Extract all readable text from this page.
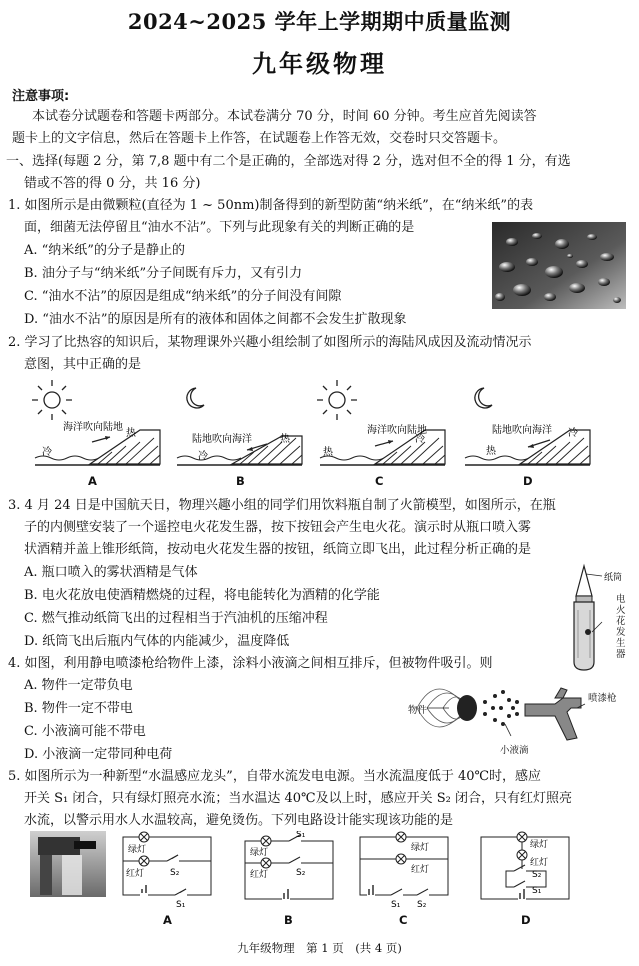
2024~2025 学年上学期期中质量监测
九年级物理
注意事项:
本试卷分试题卷和答题卡两部分。本试卷满分 70 分，时间 60 分钟。考生应首先阅读答
题卡上的文字信息，然后在答题卡上作答，在试题卷上作答无效，交卷时只交答题卡。
一、选择(每题 2 分，第 7,8 题中有二个是正确的，全部选对得 2 分，选对但不全的得 1 分，有选
错或不答的得 0 分，共 16 分)
1. 如图所示是由微颗粒(直径为 1 ~ 50nm)制备得到的新型防菌“纳米纸”，在“纳米纸”的表
面，细菌无法停留且“油水不沾”。下列与此现象有关的判断正确的是
A. “纳米纸”的分子是静止的
B. 油分子与“纳米纸”分子间既有斥力，又有引力
C. “油水不沾”的原因是组成“纳米纸”的分子间没有间隙
D. “油水不沾”的原因是所有的液体和固体之间都不会发生扩散现象
2. 学习了比热容的知识后，某物理课外兴趣小组绘制了如图所示的海陆风成因及流动情况示
意图，其中正确的是
海洋吹向陆地
冷
热
A
陆地吹向海洋
冷
热
B
海洋吹向陆地
热
冷
C
陆地吹向海洋
热
冷
D
3. 4 月 24 日是中国航天日，物理兴趣小组的同学们用饮料瓶自制了火箭模型，如图所示，在瓶
子的内侧壁安装了一个遥控电火花发生器，按下按钮会产生电火花。演示时从瓶口喷入雾
状酒精并盖上锥形纸筒，按动电火花发生器的按钮，纸筒立即飞出，此过程分析正确的是
A. 瓶口喷入的雾状酒精是气体
B. 电火花放电使酒精燃烧的过程，将电能转化为酒精的化学能
C. 燃气推动纸筒飞出的过程相当于汽油机的压缩冲程
D. 纸筒飞出后瓶内气体的内能减少，温度降低
纸筒
电火花发生器
4. 如图，利用静电喷漆枪给物件上漆，涂料小液滴之间相互排斥，但被物件吸引。则
A. 物件一定带负电
B. 物件一定不带电
C. 小液滴可能不带电
D. 小液滴一定带同种电荷
物件
喷漆枪
小液滴
5. 如图所示为一种新型“水温感应龙头”，自带水流发电电源。当水流温度低于 40℃时，感应
开关 S₁ 闭合，只有绿灯照亮水流；当水温达 40℃及以上时，感应开关 S₂ 闭合，只有红灯照亮
水流，以警示用水人水温较高，避免烫伤。下列电路设计能实现该功能的是
绿灯
红灯	S₂
S₁
A
绿灯
红灯
S₁
S₂
B
绿灯
红灯
S₁ S₂
C
绿灯
红灯
S₂
S₁
D
九年级物理　第 1 页　(共 4 页)
